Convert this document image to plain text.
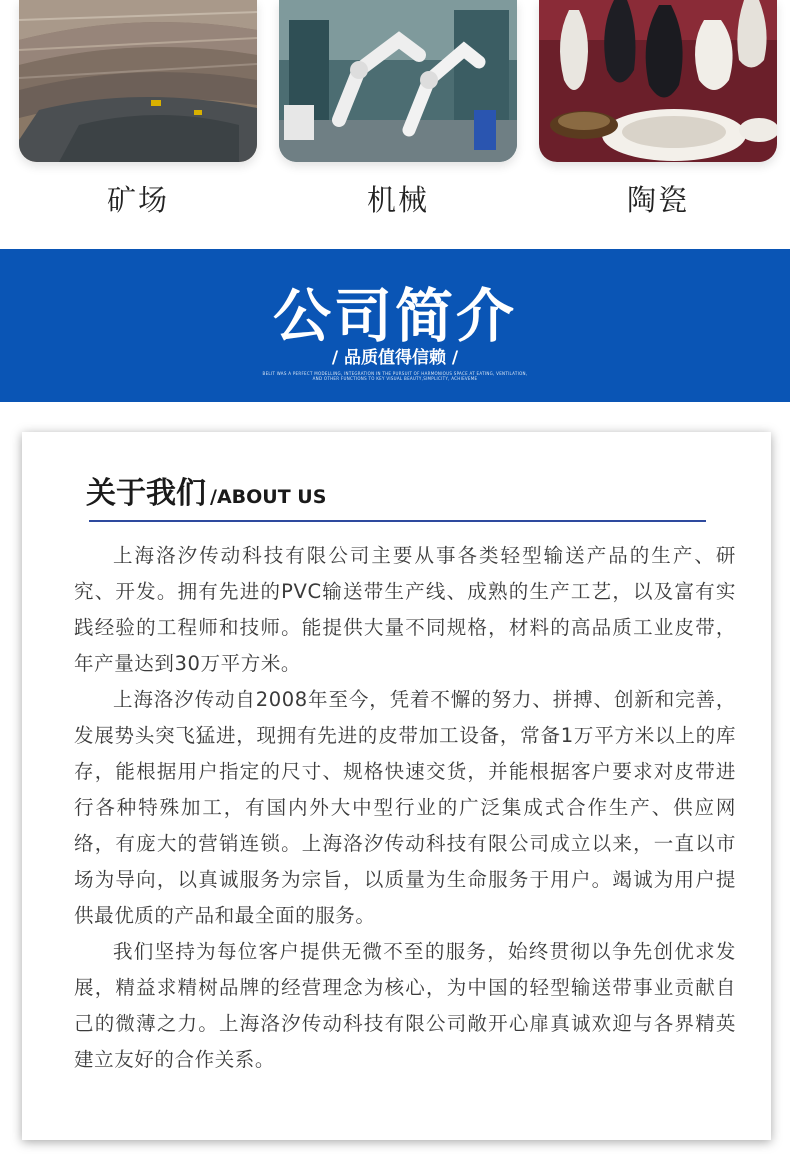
矿场	机械	陶瓷
公司简介
/ 品质值得信赖 /
BELIT WAS A PERFECT MODELLING, INTEGRATION IN THE PURSUIT OF HARMONIOUS SPACE AT EATING, VENTILATION, AND OTHER FUNCTIONS TO KEY VISUAL BEAUTY,SIMPLICITY, ACHIEVEME
关于我们 /ABOUT US

上海洛汐传动科技有限公司主要从事各类轻型输送产品的生产、研究、开发。拥有先进的PVC输送带生产线、成熟的生产工艺，以及富有实践经验的工程师和技师。能提供大量不同规格，材料的高品质工业皮带，年产量达到30万平方米。

上海洛汐传动自2008年至今，凭着不懈的努力、拼搏、创新和完善，发展势头突飞猛进，现拥有先进的皮带加工设备，常备1万平方米以上的库存，能根据用户指定的尺寸、规格快速交货，并能根据客户要求对皮带进行各种特殊加工，有国内外大中型行业的广泛集成式合作生产、供应网络，有庞大的营销连锁。上海洛汐传动科技有限公司成立以来，一直以市场为导向，以真诚服务为宗旨，以质量为生命服务于用户。竭诚为用户提供最优质的产品和最全面的服务。

我们坚持为每位客户提供无微不至的服务，始终贯彻以争先创优求发展，精益求精树品牌的经营理念为核心，为中国的轻型输送带事业贡献自己的微薄之力。上海洛汐传动科技有限公司敞开心扉真诚欢迎与各界精英建立友好的合作关系。
